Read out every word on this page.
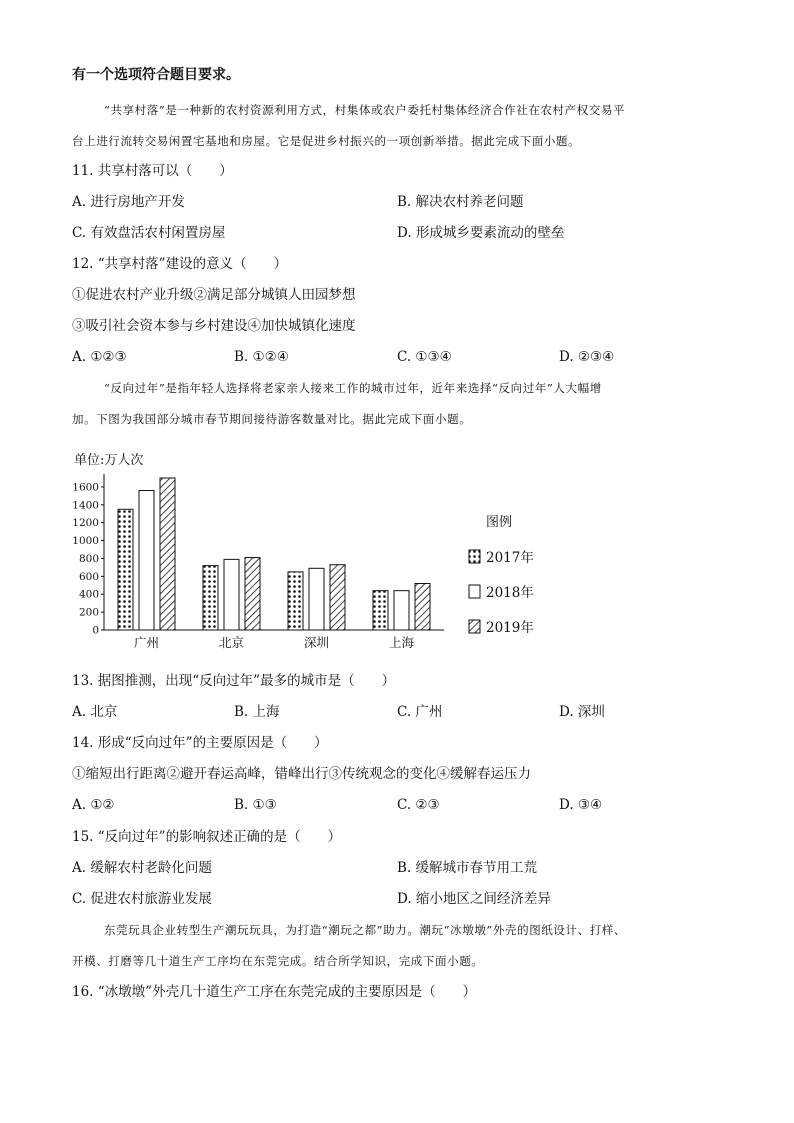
有一个选项符合题目要求。
“共享村落”是一种新的农村资源利用方式，村集体或农户委托村集体经济合作社在农村产权交易平
台上进行流转交易闲置宅基地和房屋。它是促进乡村振兴的一项创新举措。据此完成下面小题。
11. 共享村落可以（　　）
A. 进行房地产开发	B. 解决农村养老问题
C. 有效盘活农村闲置房屋	D. 形成城乡要素流动的壁垒
12. “共享村落”建设的意义（　　）
①促进农村产业升级②满足部分城镇人田园梦想
③吸引社会资本参与乡村建设④加快城镇化速度
A. ①②③	B. ①②④	C. ①③④	D. ②③④
“反向过年”是指年轻人选择将老家亲人接来工作的城市过年，近年来选择“反向过年”人大幅增
加。下图为我国部分城市春节期间接待游客数量对比。据此完成下面小题。
单位:万人次
0
200
400
600
800
1000
1200
1400
1600
广州	北京	深圳	上海
图例
2017年
2018年
2019年
13. 据图推测，出现“反向过年”最多的城市是（　　）
A. 北京	B. 上海	C. 广州	D. 深圳
14. 形成“反向过年”的主要原因是（　　）
①缩短出行距离②避开春运高峰，错峰出行③传统观念的变化④缓解春运压力
A. ①②	B. ①③	C. ②③	D. ③④
15. “反向过年”的影响叙述正确的是（　　）
A. 缓解农村老龄化问题	B. 缓解城市春节用工荒
C. 促进农村旅游业发展	D. 缩小地区之间经济差异
东莞玩具企业转型生产潮玩玩具，为打造“潮玩之都”助力。潮玩“冰墩墩”外壳的图纸设计、打样、
开模、打磨等几十道生产工序均在东莞完成。结合所学知识，完成下面小题。
16. “冰墩墩”外壳几十道生产工序在东莞完成的主要原因是（　　）
